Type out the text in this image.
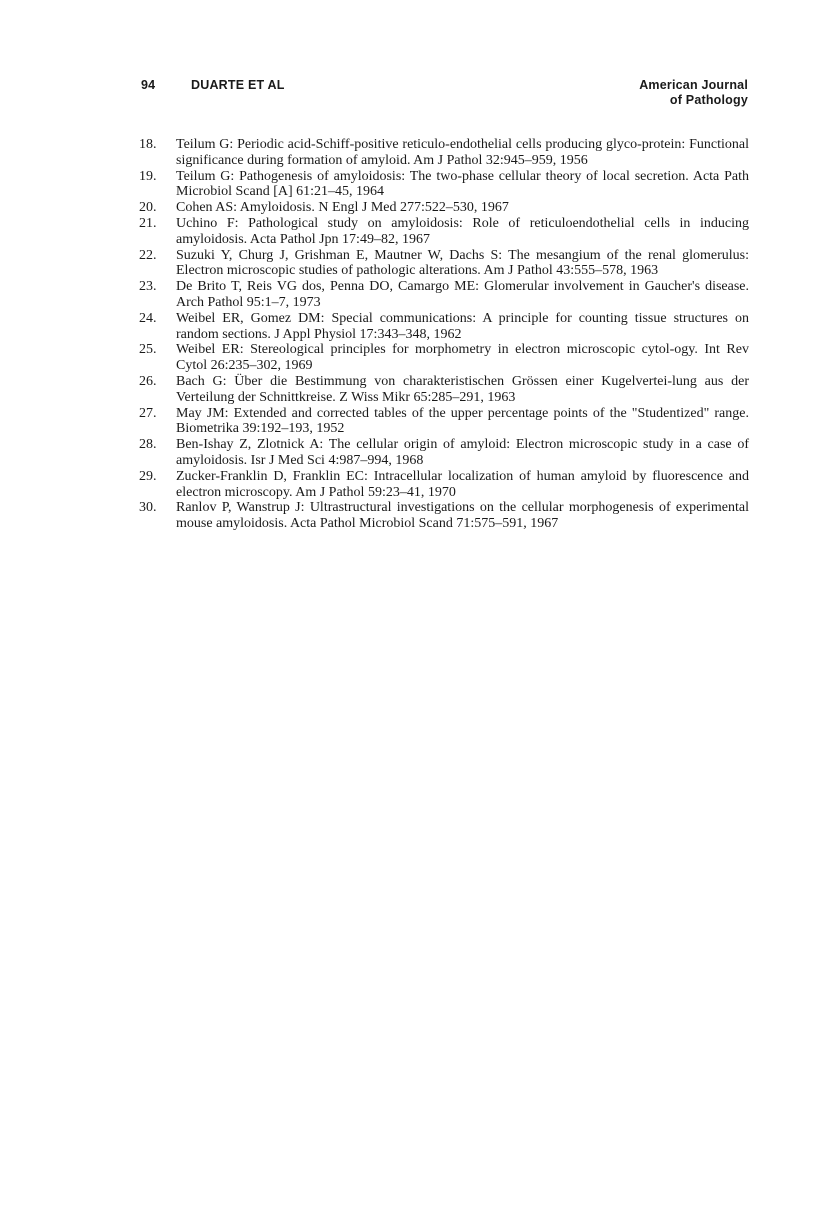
94	DUARTE ET AL	American Journal
of Pathology
18.	Teilum G: Periodic acid-Schiff-positive reticulo-endothelial cells producing glyco-protein: Functional significance during formation of amyloid. Am J Pathol 32:945–959, 1956
19.	Teilum G: Pathogenesis of amyloidosis: The two-phase cellular theory of local secretion. Acta Path Microbiol Scand [A] 61:21–45, 1964
20.	Cohen AS: Amyloidosis. N Engl J Med 277:522–530, 1967
21.	Uchino F: Pathological study on amyloidosis: Role of reticuloendothelial cells in inducing amyloidosis. Acta Pathol Jpn 17:49–82, 1967
22.	Suzuki Y, Churg J, Grishman E, Mautner W, Dachs S: The mesangium of the renal glomerulus: Electron microscopic studies of pathologic alterations. Am J Pathol 43:555–578, 1963
23.	De Brito T, Reis VG dos, Penna DO, Camargo ME: Glomerular involvement in Gaucher's disease. Arch Pathol 95:1–7, 1973
24.	Weibel ER, Gomez DM: Special communications: A principle for counting tissue structures on random sections. J Appl Physiol 17:343–348, 1962
25.	Weibel ER: Stereological principles for morphometry in electron microscopic cytol-ogy. Int Rev Cytol 26:235–302, 1969
26.	Bach G: Über die Bestimmung von charakteristischen Grössen einer Kugelvertei-lung aus der Verteilung der Schnittkreise. Z Wiss Mikr 65:285–291, 1963
27.	May JM: Extended and corrected tables of the upper percentage points of the "Studentized" range. Biometrika 39:192–193, 1952
28.	Ben-Ishay Z, Zlotnick A: The cellular origin of amyloid: Electron microscopic study in a case of amyloidosis. Isr J Med Sci 4:987–994, 1968
29.	Zucker-Franklin D, Franklin EC: Intracellular localization of human amyloid by fluorescence and electron microscopy. Am J Pathol 59:23–41, 1970
30.	Ranlov P, Wanstrup J: Ultrastructural investigations on the cellular morphogenesis of experimental mouse amyloidosis. Acta Pathol Microbiol Scand 71:575–591, 1967
